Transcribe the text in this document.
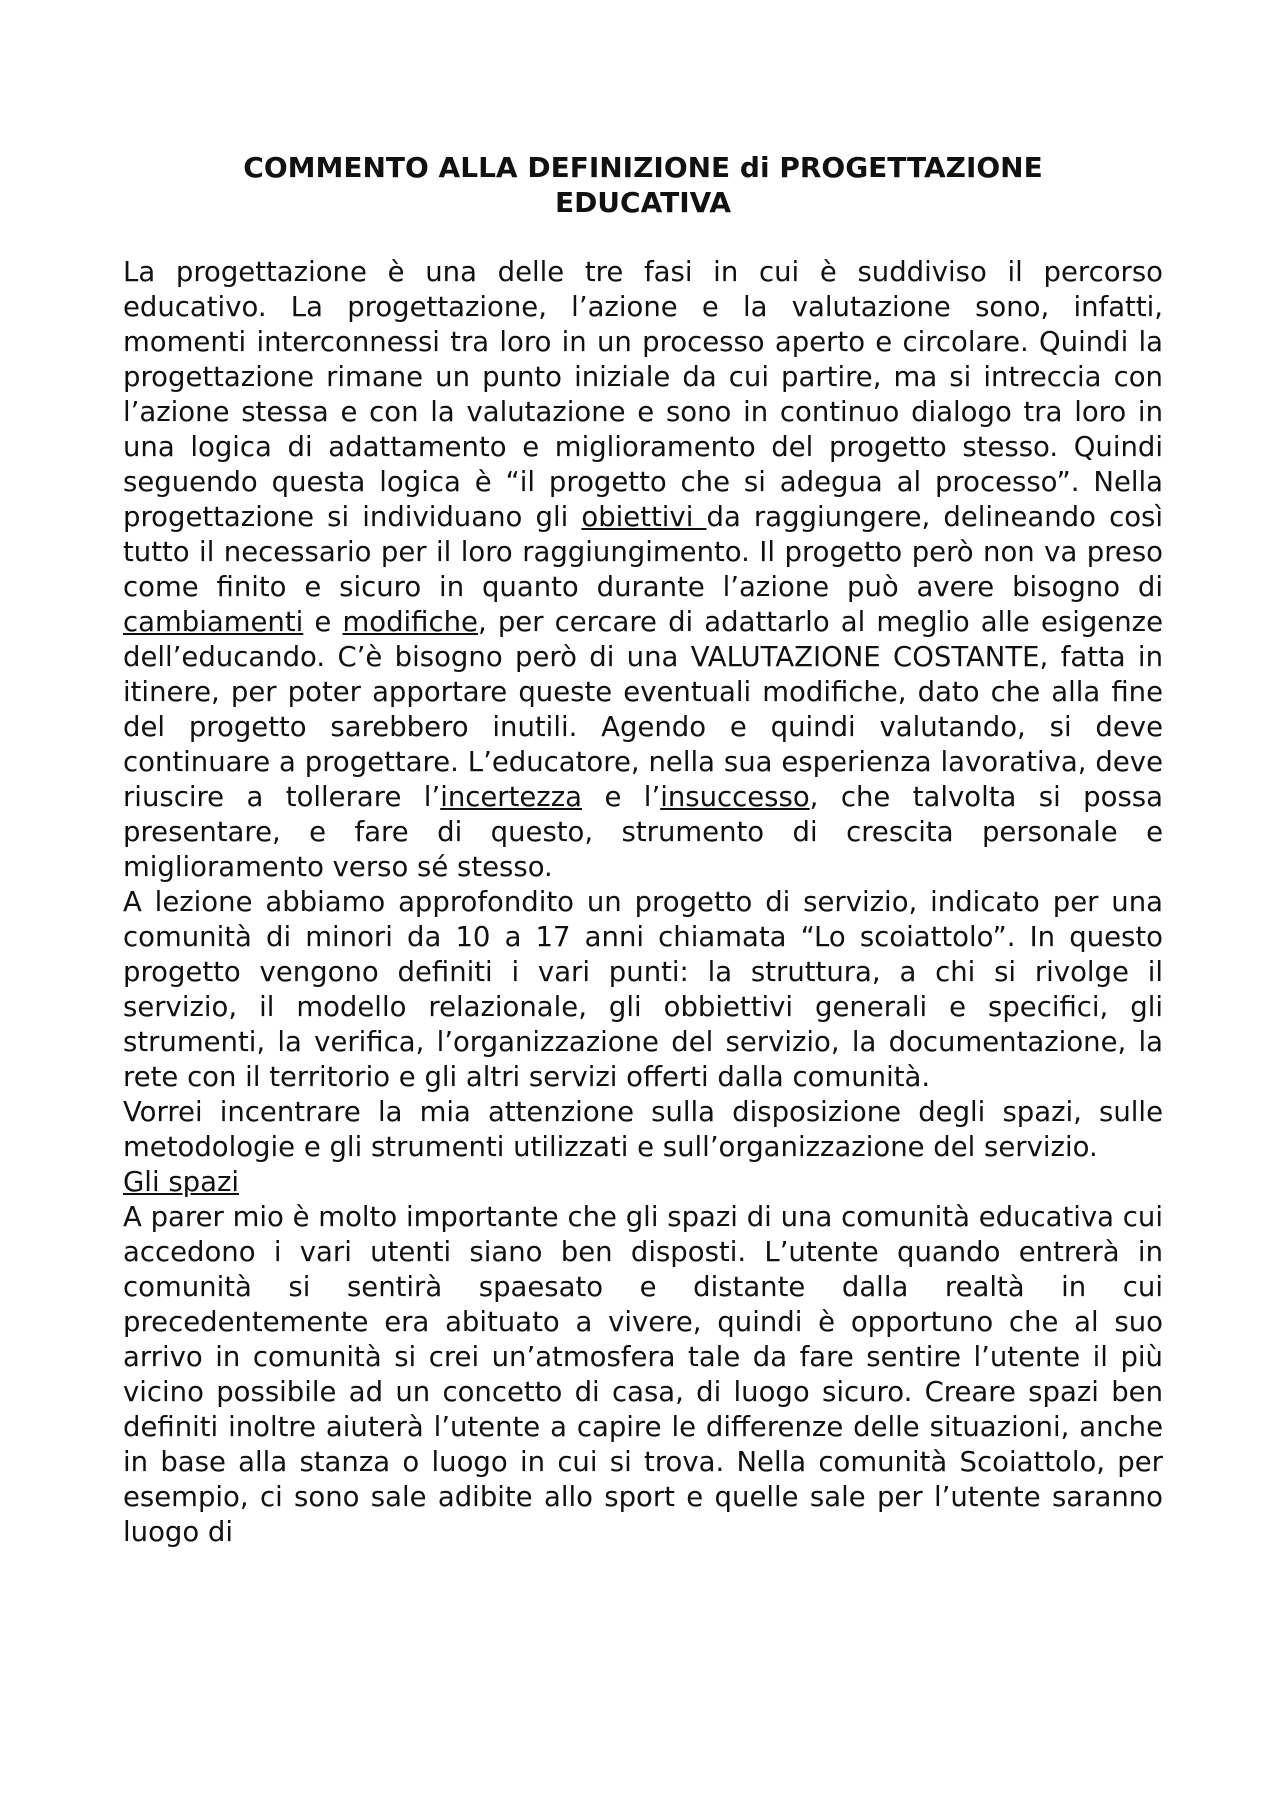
COMMENTO ALLA DEFINIZIONE di PROGETTAZIONE
EDUCATIVA

La progettazione è una delle tre fasi in cui è suddiviso il percorso educativo. La progettazione, l’azione e la valutazione sono, infatti, momenti interconnessi tra loro in un processo aperto e circolare. Quindi la progettazione rimane un punto iniziale da cui partire, ma si intreccia con l’azione stessa e con la valutazione e sono in continuo dialogo tra loro in una logica di adattamento e miglioramento del progetto stesso. Quindi seguendo questa logica è “il progetto che si adegua al processo”. Nella progettazione si individuano gli obiettivi da raggiungere, delineando così tutto il necessario per il loro raggiungimento. Il progetto però non va preso come finito e sicuro in quanto durante l’azione può avere bisogno di cambiamenti e modifiche, per cercare di adattarlo al meglio alle esigenze dell’educando. C’è bisogno però di una VALUTAZIONE COSTANTE, fatta in itinere, per poter apportare queste eventuali modifiche, dato che alla fine del progetto sarebbero inutili. Agendo e quindi valutando, si deve continuare a progettare. L’educatore, nella sua esperienza lavorativa, deve riuscire a tollerare l’incertezza e l’insuccesso, che talvolta si possa presentare, e fare di questo, strumento di crescita personale e miglioramento verso sé stesso.

A lezione abbiamo approfondito un progetto di servizio, indicato per una comunità di minori da 10 a 17 anni chiamata “Lo scoiattolo”. In questo progetto vengono definiti i vari punti: la struttura, a chi si rivolge il servizio, il modello relazionale, gli obbiettivi generali e specifici, gli strumenti, la verifica, l’organizzazione del servizio, la documentazione, la rete con il territorio e gli altri servizi offerti dalla comunità.

Vorrei incentrare la mia attenzione sulla disposizione degli spazi, sulle metodologie e gli strumenti utilizzati e sull’organizzazione del servizio.

Gli spazi

A parer mio è molto importante che gli spazi di una comunità educativa cui accedono i vari utenti siano ben disposti. L’utente quando entrerà in comunità si sentirà spaesato e distante dalla realtà in cui precedentemente era abituato a vivere, quindi è opportuno che al suo arrivo in comunità si crei un’atmosfera tale da fare sentire l’utente il più vicino possibile ad un concetto di casa, di luogo sicuro. Creare spazi ben definiti inoltre aiuterà l’utente a capire le differenze delle situazioni, anche in base alla stanza o luogo in cui si trova. Nella comunità Scoiattolo, per esempio, ci sono sale adibite allo sport e quelle sale per l’utente saranno luogo di
